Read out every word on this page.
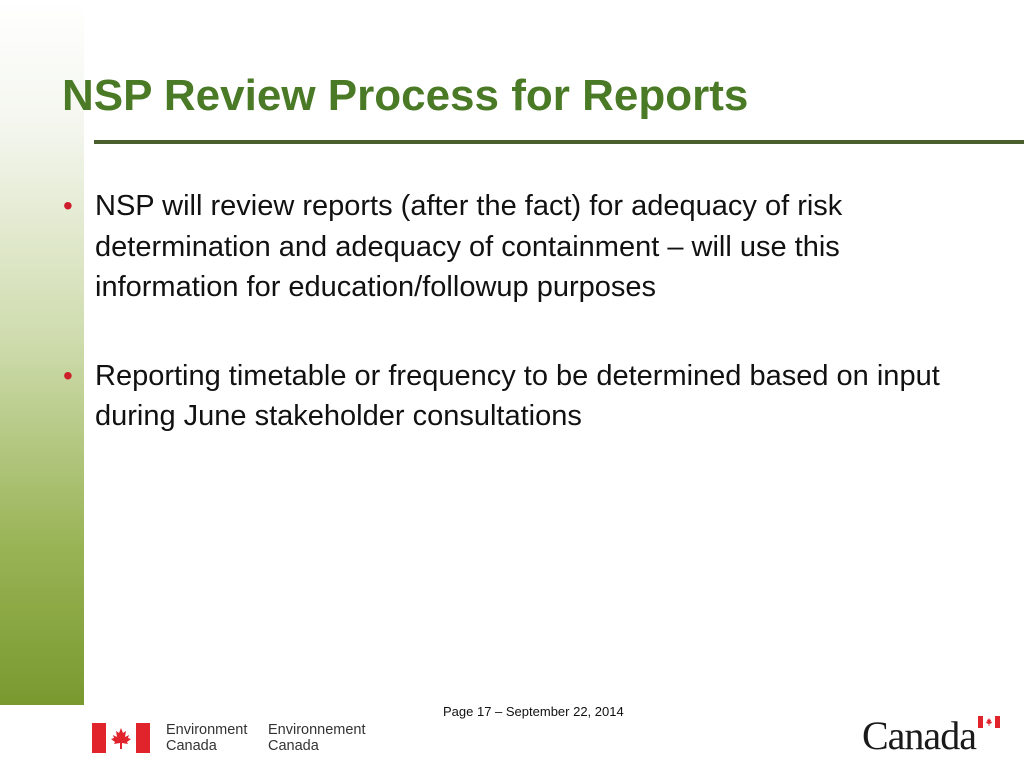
NSP Review Process for Reports
• NSP will review reports (after the fact) for adequacy of risk determination and adequacy of containment – will use this information for education/followup purposes
• Reporting timetable or frequency to be determined based on input during June stakeholder consultations
Page 17 – September 22, 2014
Environment
Canada
Environnement
Canada	Canada
